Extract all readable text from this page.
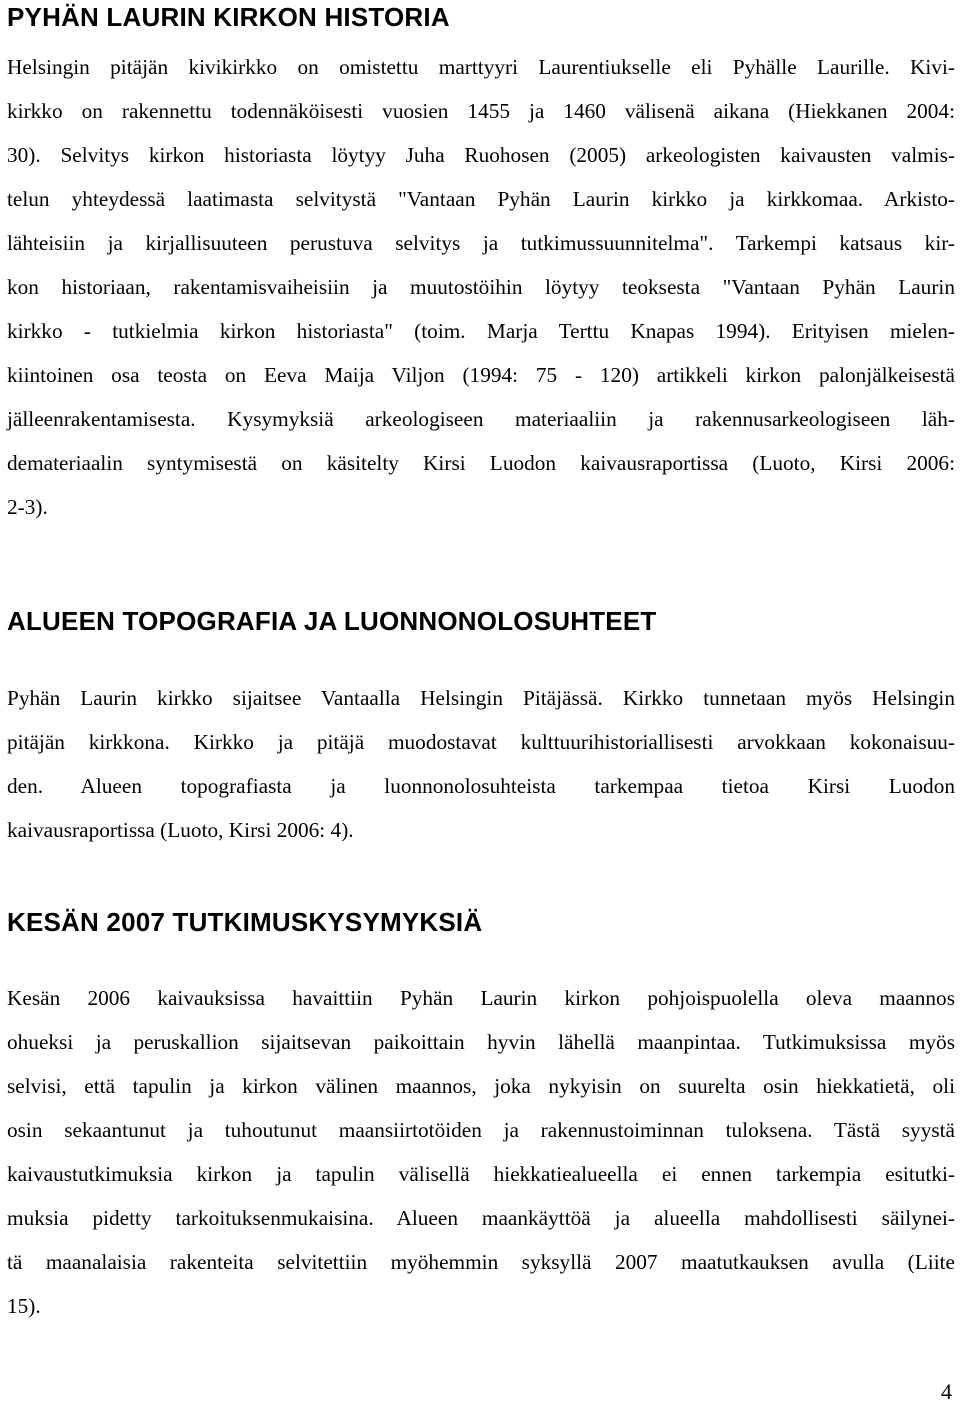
PYHÄN LAURIN KIRKON HISTORIA
Helsingin pitäjän kivikirkko on omistettu marttyyri Laurentiukselle eli Pyhälle Laurille. Kivi-
kirkko on rakennettu todennäköisesti vuosien 1455 ja 1460 välisenä aikana (Hiekkanen 2004:
30). Selvitys kirkon historiasta löytyy Juha Ruohosen (2005) arkeologisten kaivausten valmis-
telun yhteydessä laatimasta selvitystä "Vantaan Pyhän Laurin kirkko ja kirkkomaa. Arkisto-
lähteisiin ja kirjallisuuteen perustuva selvitys ja tutkimussuunnitelma". Tarkempi katsaus kir-
kon historiaan, rakentamisvaiheisiin ja muutostöihin löytyy teoksesta "Vantaan Pyhän Laurin
kirkko - tutkielmia kirkon historiasta" (toim. Marja Terttu Knapas 1994). Erityisen mielen-
kiintoinen osa teosta on Eeva Maija Viljon (1994: 75 - 120) artikkeli kirkon palonjälkeisestä
jälleenrakentamisesta. Kysymyksiä arkeologiseen materiaaliin ja rakennusarkeologiseen läh-
demateriaalin syntymisestä on käsitelty Kirsi Luodon kaivausraportissa (Luoto, Kirsi 2006:
2-3).
ALUEEN TOPOGRAFIA JA LUONNONOLOSUHTEET
Pyhän Laurin kirkko sijaitsee Vantaalla Helsingin Pitäjässä. Kirkko tunnetaan myös Helsingin
pitäjän kirkkona. Kirkko ja pitäjä muodostavat kulttuurihistoriallisesti arvokkaan kokonaisuu-
den. Alueen topografiasta ja luonnonolosuhteista tarkempaa tietoa Kirsi Luodon
kaivausraportissa (Luoto, Kirsi 2006: 4).
KESÄN 2007 TUTKIMUSKYSYMYKSIÄ
Kesän 2006 kaivauksissa havaittiin Pyhän Laurin kirkon pohjoispuolella oleva maannos
ohueksi ja peruskallion sijaitsevan paikoittain hyvin lähellä maanpintaa. Tutkimuksissa myös
selvisi, että tapulin ja kirkon välinen maannos, joka nykyisin on suurelta osin hiekkatietä, oli
osin sekaantunut ja tuhoutunut maansiirtotöiden ja rakennustoiminnan tuloksena. Tästä syystä
kaivaustutkimuksia kirkon ja tapulin välisellä hiekkatiealueella ei ennen tarkempia esitutki-
muksia pidetty tarkoituksenmukaisina. Alueen maankäyttöä ja alueella mahdollisesti säilynei-
tä maanalaisia rakenteita selvitettiin myöhemmin syksyllä 2007 maatutkauksen avulla (Liite
15).
4
